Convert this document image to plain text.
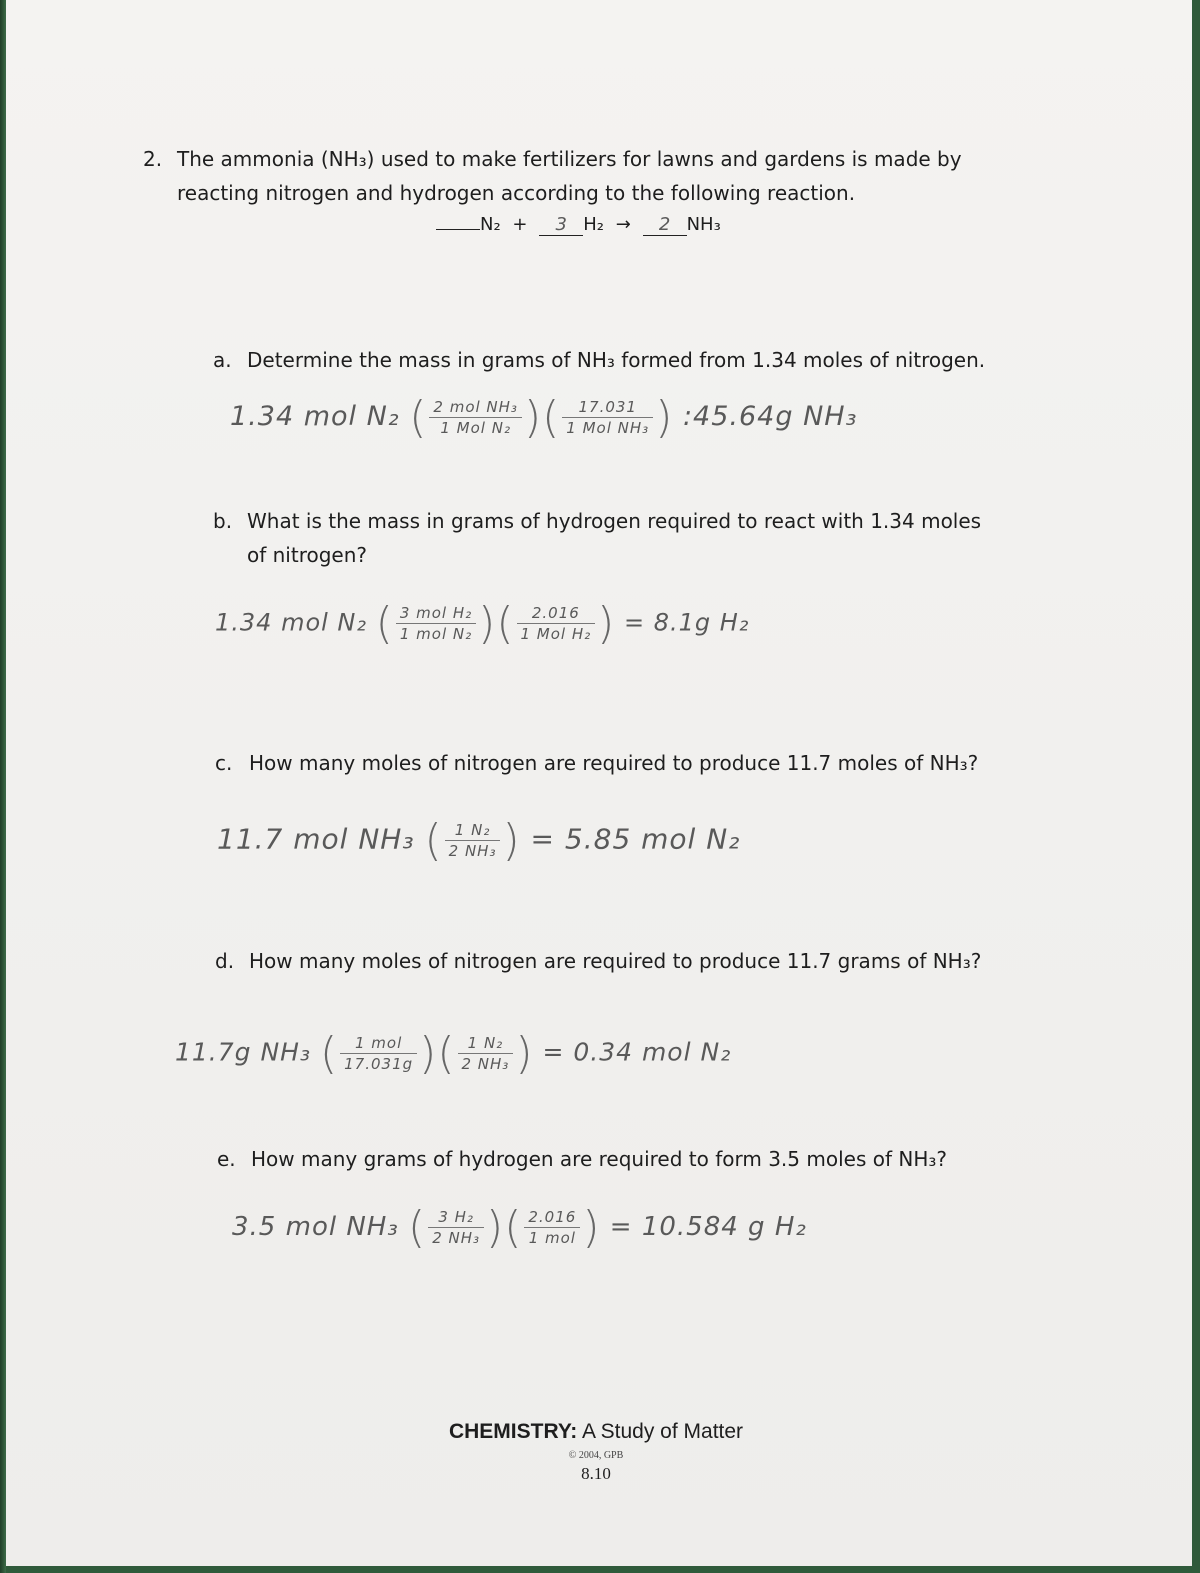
2. The ammonia (NH₃) used to make fertilizers for lawns and gardens is made by
reacting nitrogen and hydrogen according to the following reaction.
N₂ + 3 H₂ → 2 NH₃
a. Determine the mass in grams of NH₃ formed from 1.34 moles of nitrogen.
1.34 mol N₂ ( $\frac{\text{2 mol NH₃}}{\text{1 Mol N₂}}$ )( $\frac{17.031}{\text{1 Mol NH₃}}$ ) :45.64g NH₃
b. What is the mass in grams of hydrogen required to react with 1.34 moles
of nitrogen?
1.34 mol N₂ ( $\frac{\text{3 mol H₂}}{\text{1 mol N₂}}$ )( $\frac{2.016}{\text{1 Mol H₂}}$ ) = 8.1g H₂
c. How many moles of nitrogen are required to produce 11.7 moles of NH₃?
11.7 mol NH₃ ( $\frac{\text{1 N₂}}{\text{2 NH₃}}$ ) = 5.85 mol N₂
d. How many moles of nitrogen are required to produce 11.7 grams of NH₃?
11.7g NH₃ ( $\frac{\text{1 mol}}{17.031g}$ )( $\frac{\text{1 N₂}}{\text{2 NH₃}}$ ) = 0.34 mol N₂
e. How many grams of hydrogen are required to form 3.5 moles of NH₃?
3.5 mol NH₃ ( $\frac{\text{3 H₂}}{\text{2 NH₃}}$ )( $\frac{2.016}{\text{1 mol}}$ ) = 10.584 g H₂
CHEMISTRY: A Study of Matter
© 2004, GPB
8.10
